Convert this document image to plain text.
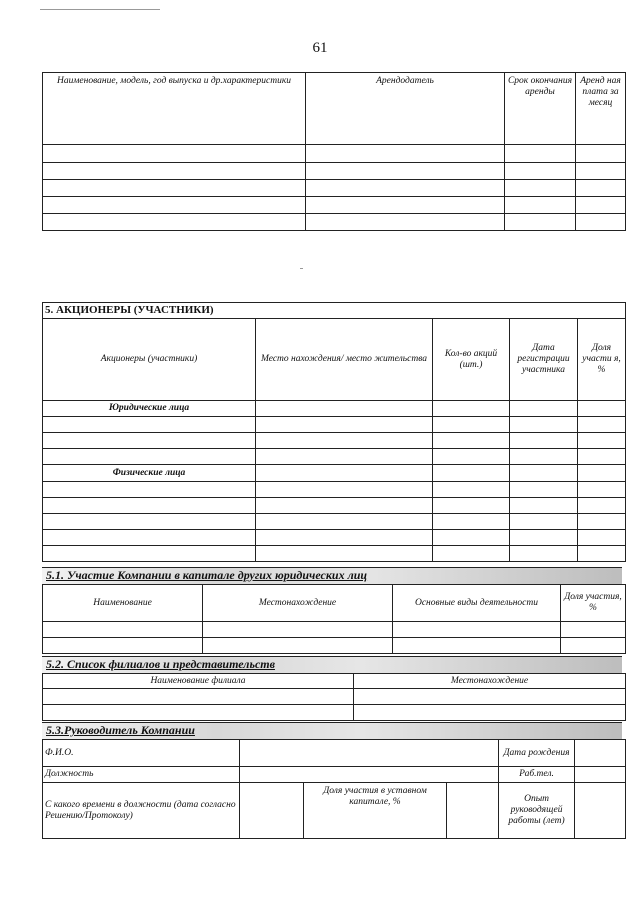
61
Наименование, модель, год выпуска и др.характеристики	Арендодатель	Срок окончания аренды	Аренд ная плата за месяц

5. АКЦИОНЕРЫ (УЧАСТНИКИ)				
Акционеры (участники)	Место нахождения/ место жительства	Кол-во акций (шт.)	Дата регистрации участника	Доля участи я, %
Юридические лица				

Физические лица				

5.1. Участие Компании в капитале других юридических лиц
Наименование	Местонахождение	Основные виды деятельности	Доля участия, %

5.2. Список филиалов и представительств
Наименование филиала	Местонахождение

5.3.Руководитель Компании
Ф.И.О.				Дата рождения	
Должность				Раб.тел.	
С какого времени в должности (дата согласно Решению/Протоколу)		Доля участия в уставном капитале, %		Опыт руководящей работы (лет)	
